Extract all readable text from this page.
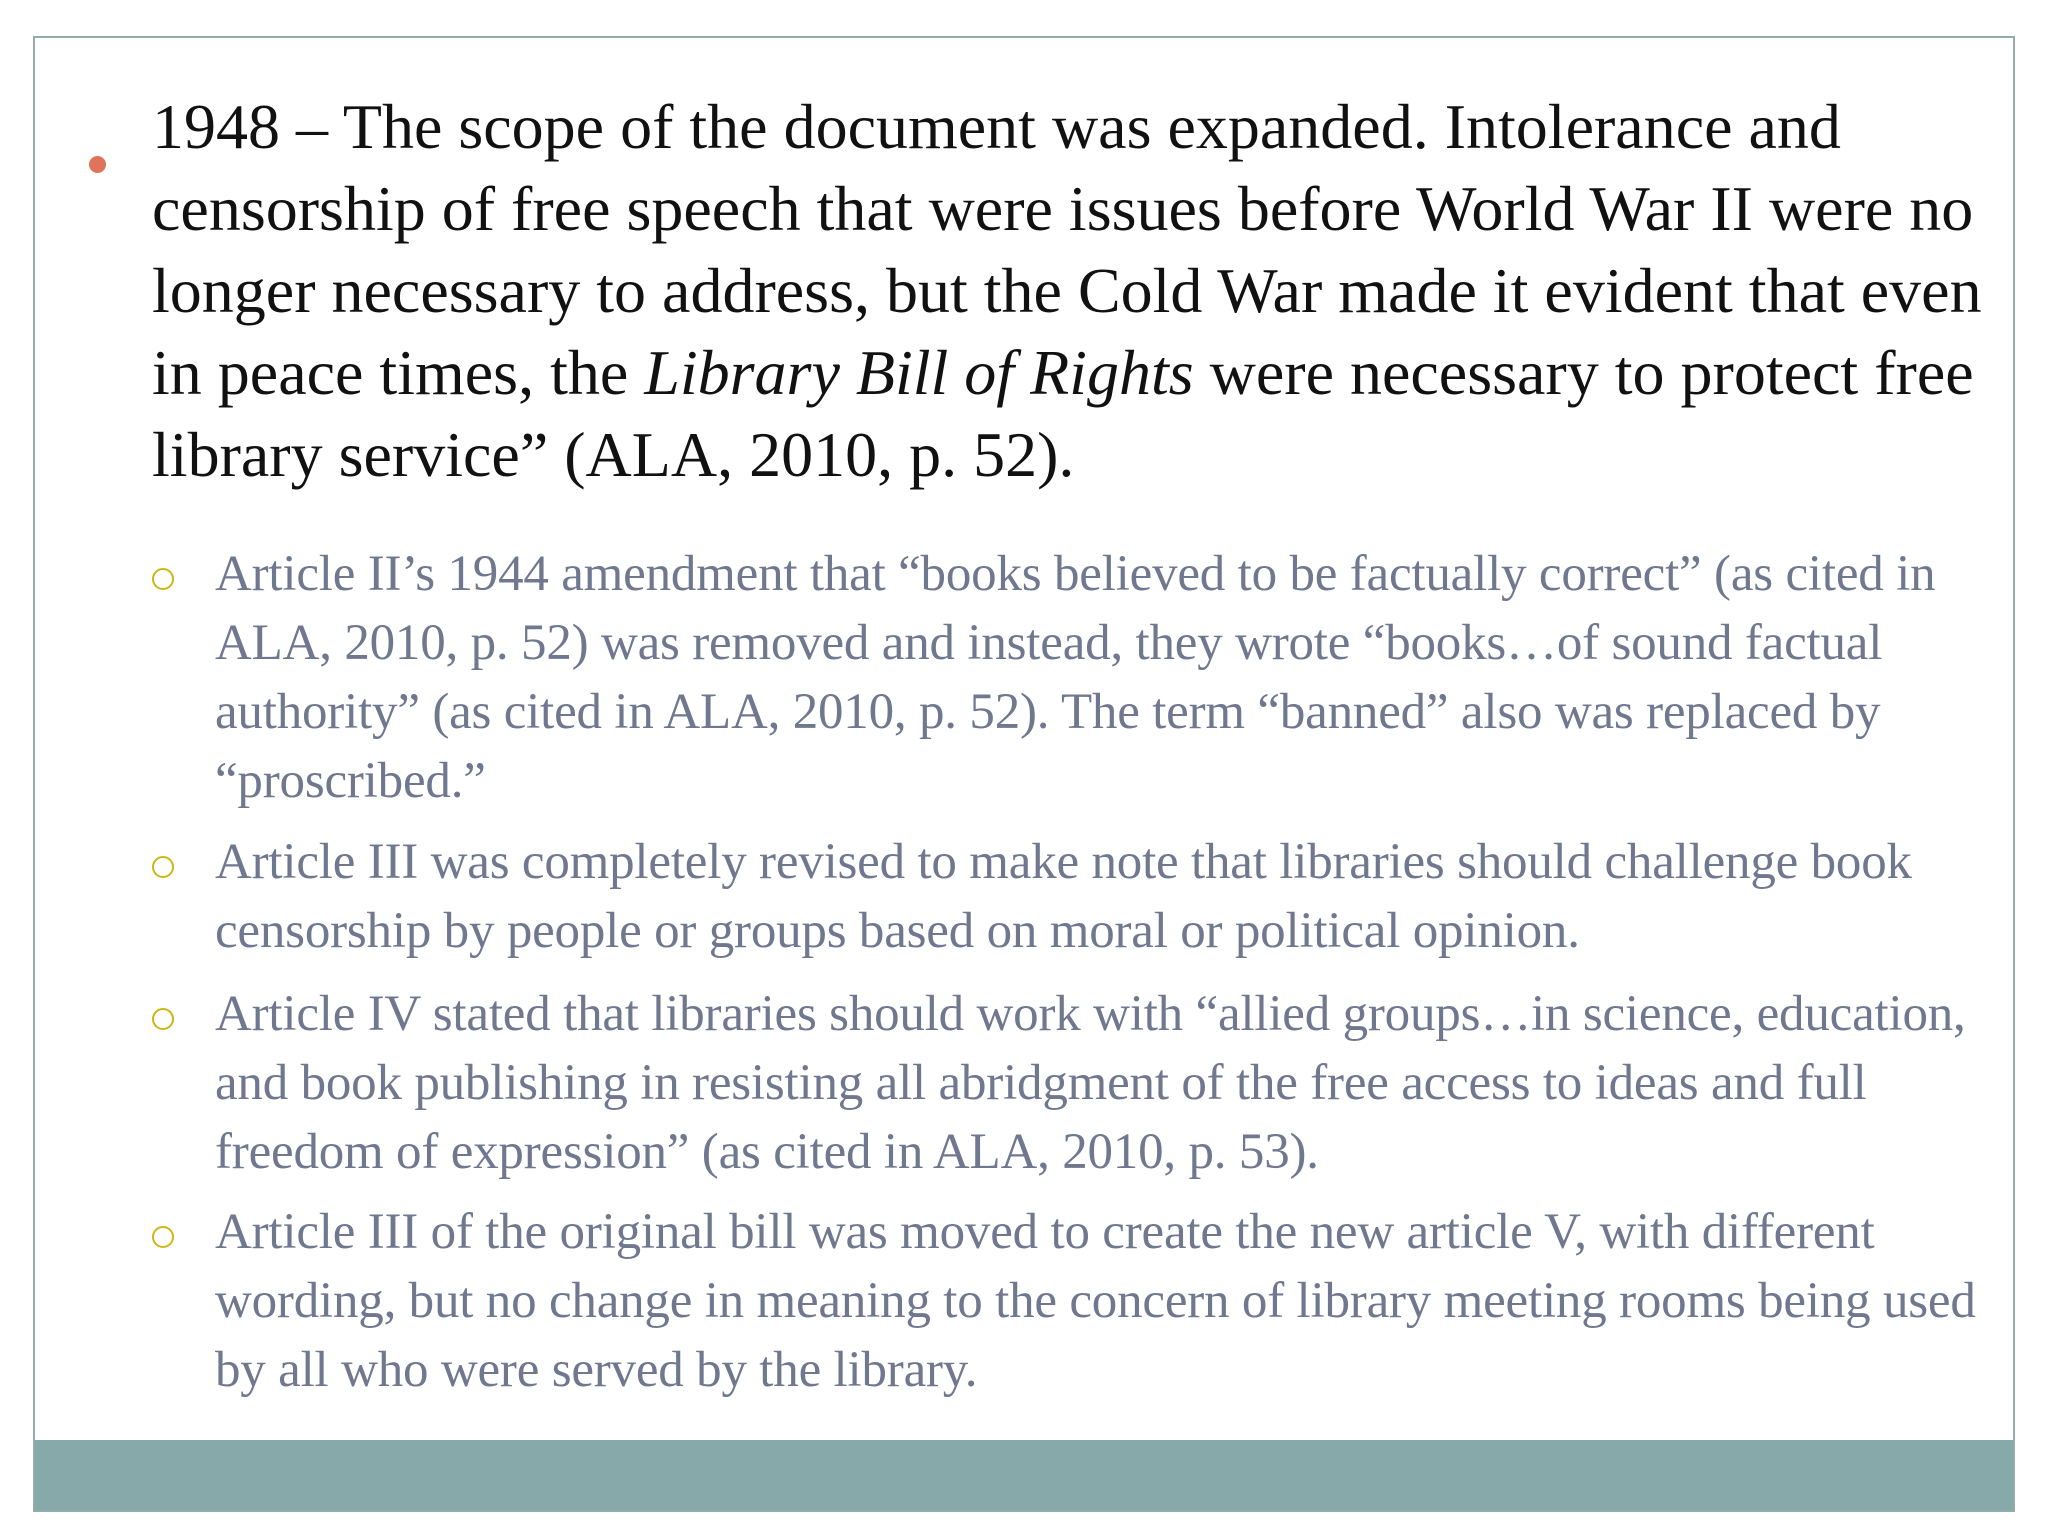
1948 – The scope of the document was expanded. Intolerance and censorship of free speech that were issues before World War II were no longer necessary to address, but the Cold War made it evident that even in peace times, the Library Bill of Rights were necessary to protect free library service” (ALA, 2010, p. 52).

Article II’s 1944 amendment that “books believed to be factually correct” (as cited in ALA, 2010, p. 52) was removed and instead, they wrote “books…of sound factual authority” (as cited in ALA, 2010, p. 52). The term “banned” also was replaced by “proscribed.”

Article III was completely revised to make note that libraries should challenge book censorship by people or groups based on moral or political opinion.

Article IV stated that libraries should work with “allied groups…in science, education, and book publishing in resisting all abridgment of the free access to ideas and full freedom of expression” (as cited in ALA, 2010, p. 53).

Article III of the original bill was moved to create the new article V, with different wording, but no change in meaning to the concern of library meeting rooms being used by all who were served by the library.
